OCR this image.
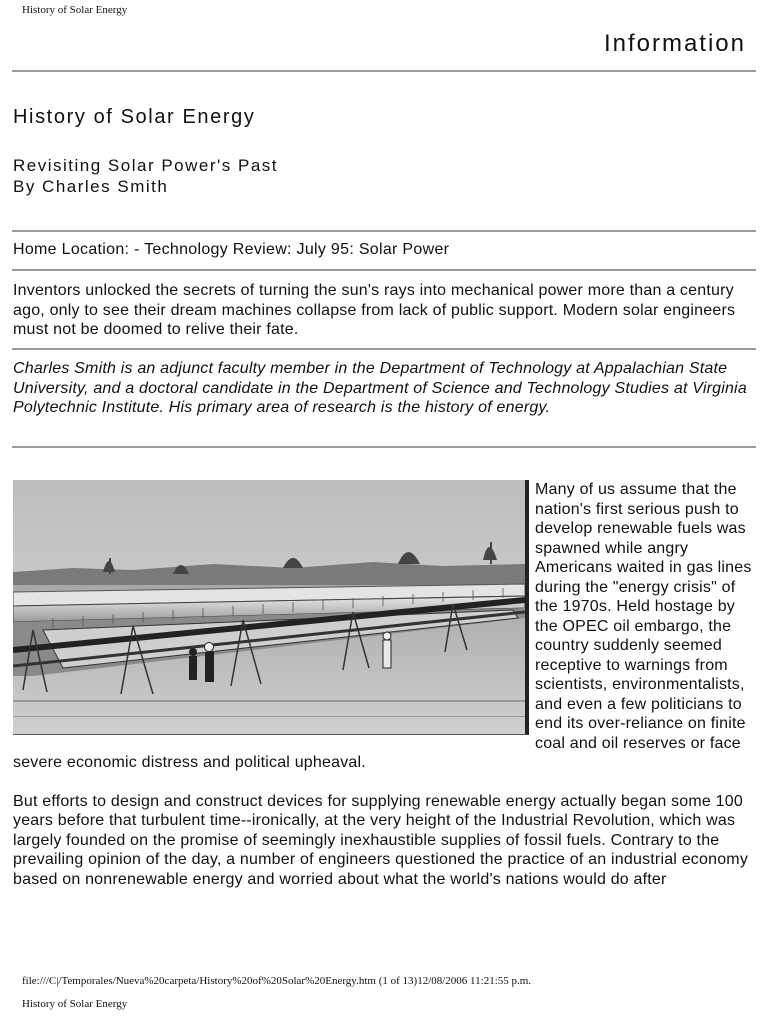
History of Solar Energy
Information
History of Solar Energy
Revisiting Solar Power's Past
By Charles Smith
Home Location: - Technology Review: July 95: Solar Power
Inventors unlocked the secrets of turning the sun's rays into mechanical power more than a century ago, only to see their dream machines collapse from lack of public support. Modern solar engineers must not be doomed to relive their fate.
Charles Smith is an adjunct faculty member in the Department of Technology at Appalachian State University, and a doctoral candidate in the Department of Science and Technology Studies at Virginia Polytechnic Institute. His primary area of research is the history of energy.

Many of us assume that the nation's first serious push to develop renewable fuels was spawned while angry Americans waited in gas lines during the "energy crisis" of the 1970s. Held hostage by the OPEC oil embargo, the country suddenly seemed receptive to warnings from scientists, environmentalists, and even a few politicians to end its over-reliance on finite coal and oil reserves or face severe economic distress and political upheaval.

But efforts to design and construct devices for supplying renewable energy actually began some 100 years before that turbulent time--ironically, at the very height of the Industrial Revolution, which was largely founded on the promise of seemingly inexhaustible supplies of fossil fuels. Contrary to the prevailing opinion of the day, a number of engineers questioned the practice of an industrial economy based on nonrenewable energy and worried about what the world's nations would do after

file:///C|/Temporales/Nueva%20carpeta/History%20of%20Solar%20Energy.htm (1 of 13)12/08/2006 11:21:55 p.m.
History of Solar Energy
